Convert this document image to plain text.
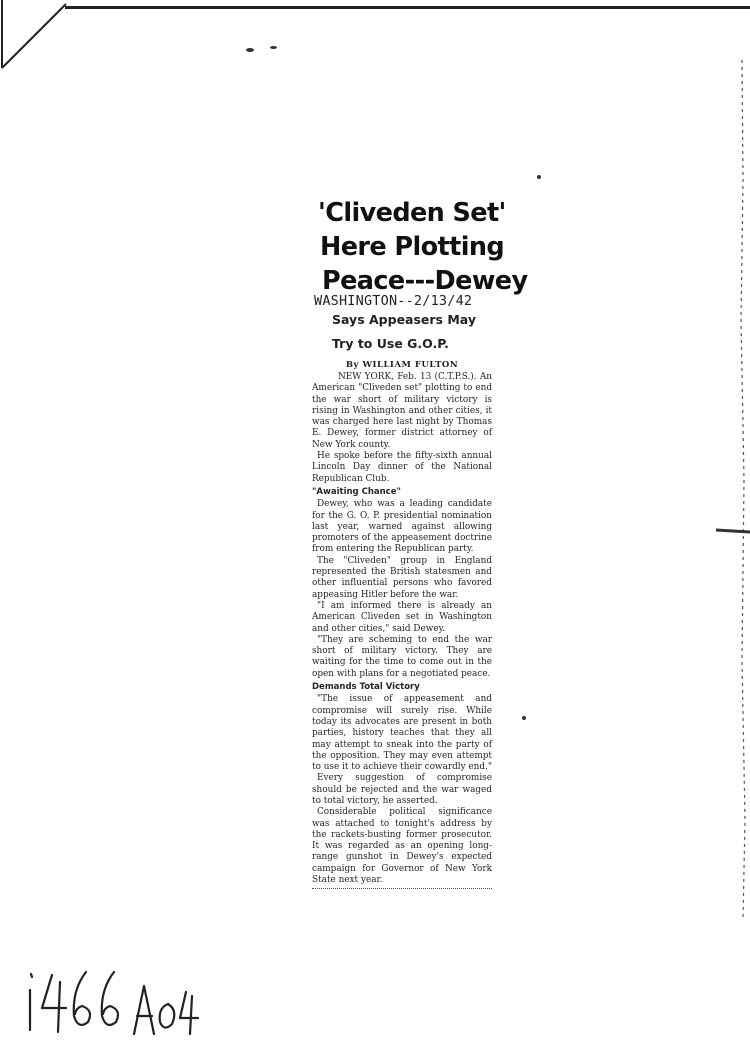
'Cliveden Set'
Here Plotting
Peace---Dewey
WASHINGTON--2/13/42
Says Appeasers May
Try to Use G.O.P.
By WILLIAM FULTON

NEW YORK, Feb. 13 (C.T.P.S.). An American "Cliveden set" plotting to end the war short of military victory is rising in Washington and other cities, it was charged here last night by Thomas E. Dewey, former district attorney of New York county.

He spoke before the fifty-sixth annual Lincoln Day dinner of the National Republican Club.

"Awaiting Chance"

Dewey, who was a leading candidate for the G. O. P. presidential nomination last year, warned against allowing promoters of the appeasement doctrine from entering the Republican party.

The "Cliveden" group in England represented the British statesmen and other influential persons who favored appeasing Hitler before the war.

"I am informed there is already an American Cliveden set in Washington and other cities," said Dewey.

"They are scheming to end the war short of military victory. They are waiting for the time to come out in the open with plans for a negotiated peace.

Demands Total Victory

"The issue of appeasement and compromise will surely rise. While today its advocates are present in both parties, history teaches that they all may attempt to sneak into the party of the opposition. They may even attempt to use it to achieve their cowardly end."

Every suggestion of compromise should be rejected and the war waged to total victory, he asserted.

Considerable political significance was attached to tonight's address by the rackets-busting former prosecutor. It was regarded as an opening long-range gunshot in Dewey's expected campaign for Governor of New York State next year.
